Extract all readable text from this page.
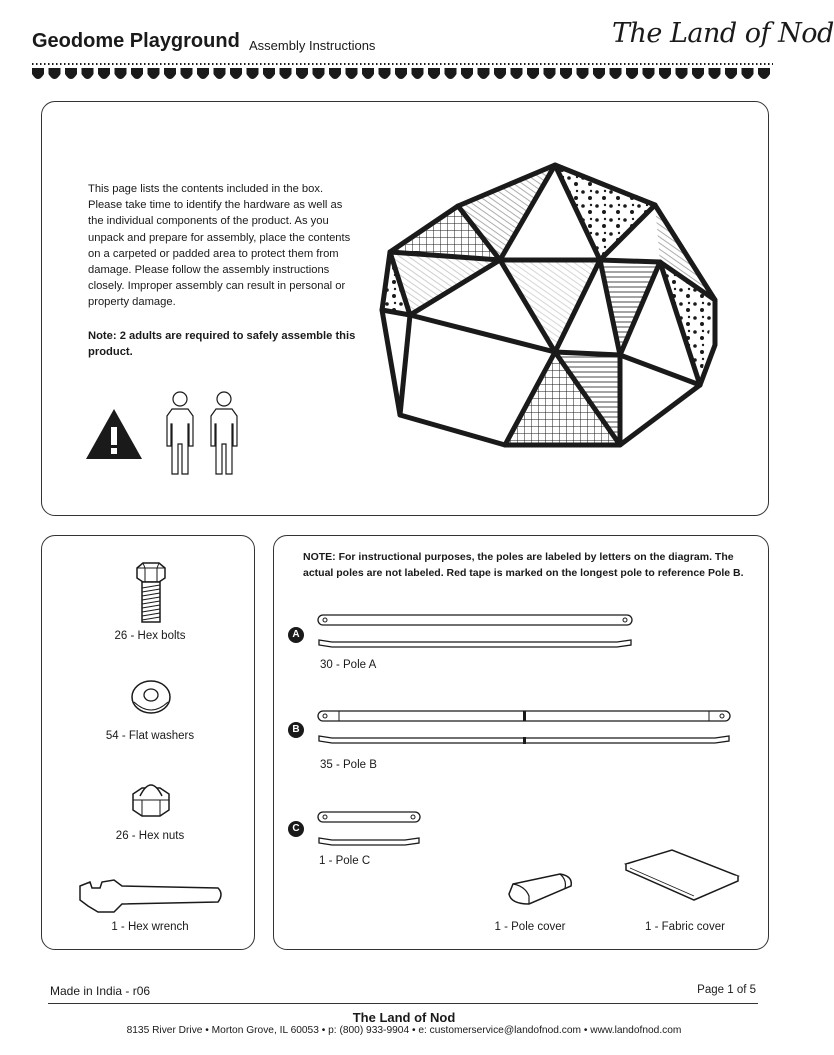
Geodome Playground Assembly Instructions	The Land of Nod
This page lists the contents included in the box. Please take time to identify the hardware as well as the individual components of the product. As you unpack and prepare for assembly, place the contents on a carpeted or padded area to protect them from damage. Please follow the assembly instructions closely. Improper assembly can result in personal or property damage.
Note: 2 adults are required to safely assemble this product.
26 - Hex bolts
54 - Flat washers
26 - Hex nuts
1 - Hex wrench
NOTE: For instructional purposes, the poles are labeled by letters on the diagram. The actual poles are not labeled. Red tape is marked on the longest pole to reference Pole B.
A
30 - Pole A
B
35 - Pole B
C
1 - Pole C
1 - Pole cover	1 - Fabric cover
Made in India - r06	Page 1 of 5
The Land of Nod
8135 River Drive • Morton Grove, IL 60053 • p: (800) 933-9904 • e: customerservice@landofnod.com • www.landofnod.com
